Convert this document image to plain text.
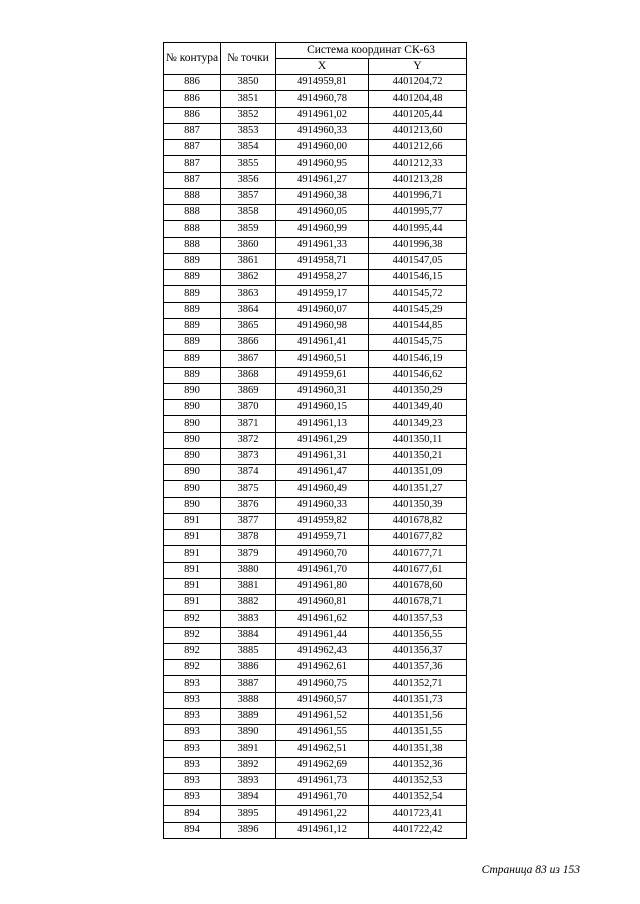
№ контура	№ точки	Система координат СК-63	
		X	Y
886	3850	4914959,81	4401204,72
886	3851	4914960,78	4401204,48
886	3852	4914961,02	4401205,44
887	3853	4914960,33	4401213,60
887	3854	4914960,00	4401212,66
887	3855	4914960,95	4401212,33
887	3856	4914961,27	4401213,28
888	3857	4914960,38	4401996,71
888	3858	4914960,05	4401995,77
888	3859	4914960,99	4401995,44
888	3860	4914961,33	4401996,38
889	3861	4914958,71	4401547,05
889	3862	4914958,27	4401546,15
889	3863	4914959,17	4401545,72
889	3864	4914960,07	4401545,29
889	3865	4914960,98	4401544,85
889	3866	4914961,41	4401545,75
889	3867	4914960,51	4401546,19
889	3868	4914959,61	4401546,62
890	3869	4914960,31	4401350,29
890	3870	4914960,15	4401349,40
890	3871	4914961,13	4401349,23
890	3872	4914961,29	4401350,11
890	3873	4914961,31	4401350,21
890	3874	4914961,47	4401351,09
890	3875	4914960,49	4401351,27
890	3876	4914960,33	4401350,39
891	3877	4914959,82	4401678,82
891	3878	4914959,71	4401677,82
891	3879	4914960,70	4401677,71
891	3880	4914961,70	4401677,61
891	3881	4914961,80	4401678,60
891	3882	4914960,81	4401678,71
892	3883	4914961,62	4401357,53
892	3884	4914961,44	4401356,55
892	3885	4914962,43	4401356,37
892	3886	4914962,61	4401357,36
893	3887	4914960,75	4401352,71
893	3888	4914960,57	4401351,73
893	3889	4914961,52	4401351,56
893	3890	4914961,55	4401351,55
893	3891	4914962,51	4401351,38
893	3892	4914962,69	4401352,36
893	3893	4914961,73	4401352,53
893	3894	4914961,70	4401352,54
894	3895	4914961,22	4401723,41
894	3896	4914961,12	4401722,42
Страница 83 из 153
